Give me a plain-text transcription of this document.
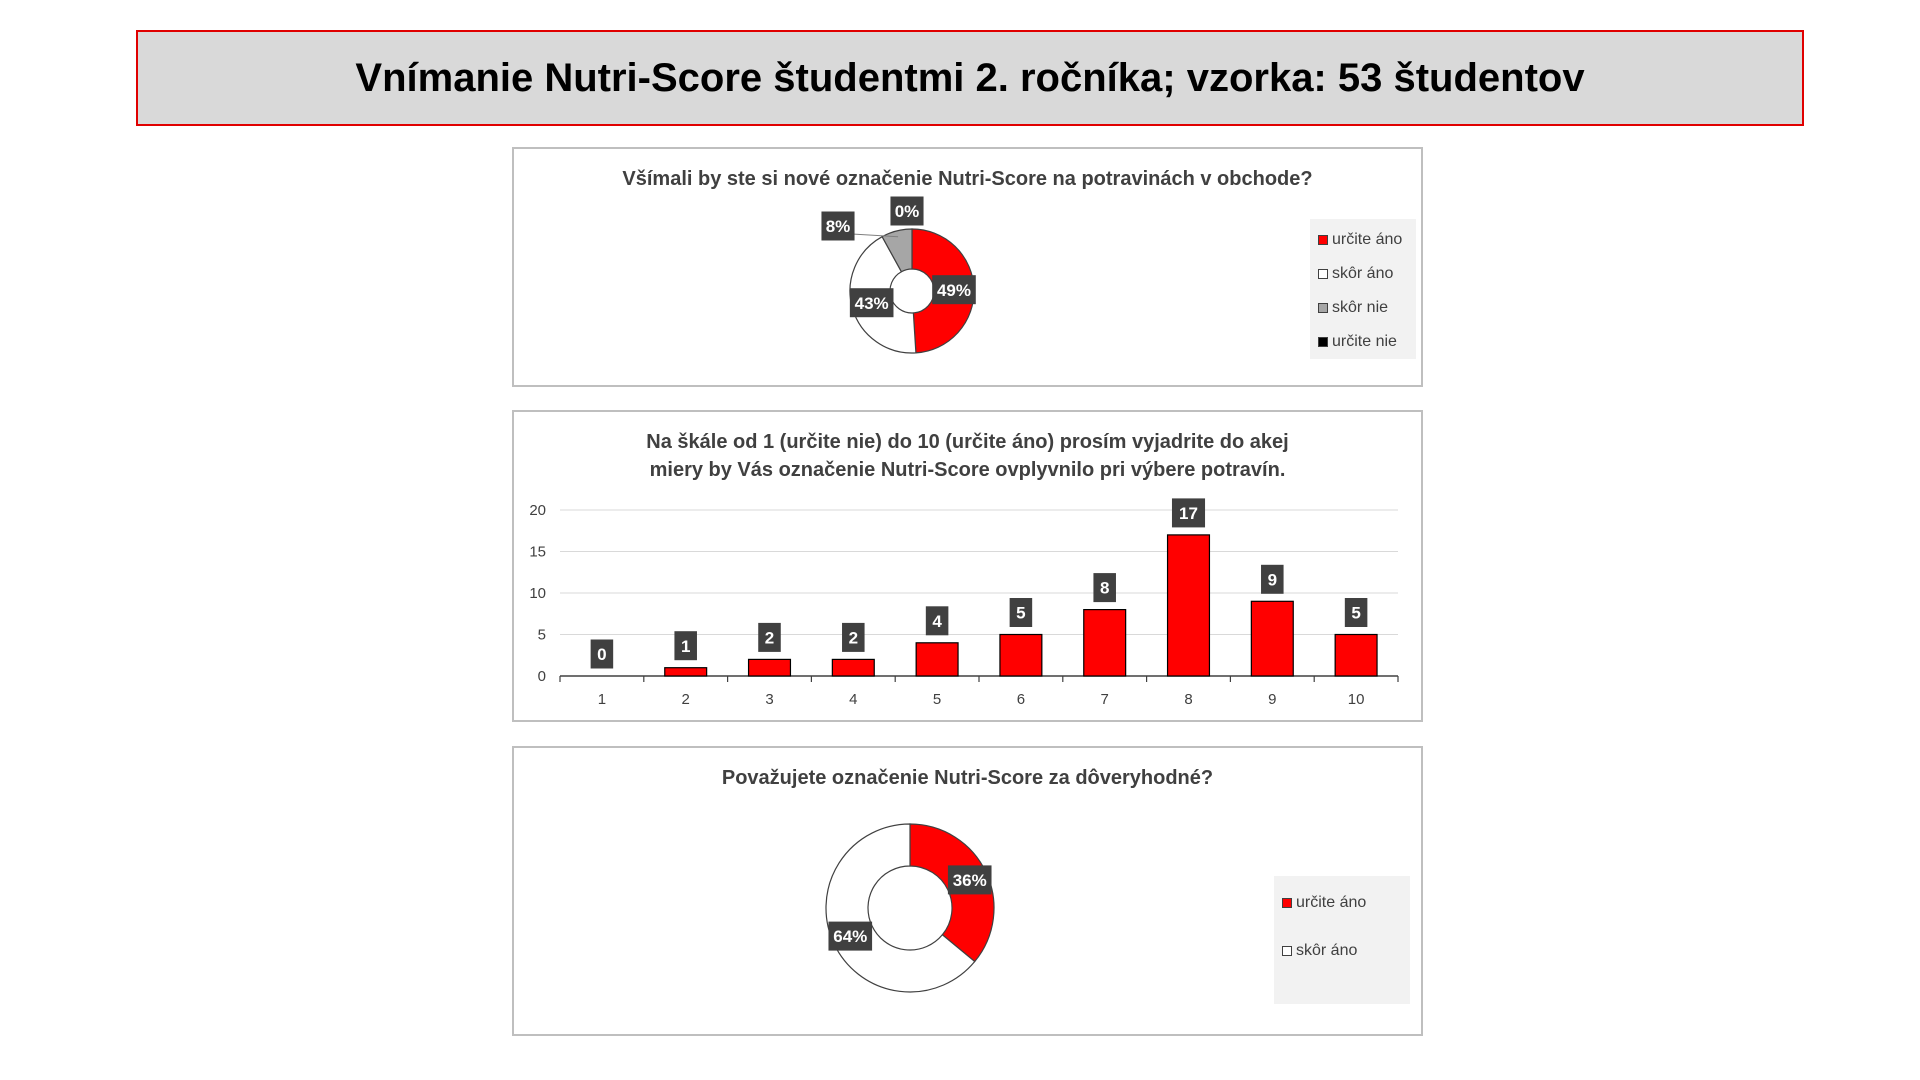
Vnímanie Nutri-Score študentmi 2. ročníka; vzorka: 53 študentov
Všímali by ste si nové označenie Nutri-Score na potravinách v obchode?
49%
43%
8%
0%
určite áno
skôr áno
skôr nie
určite nie
Na škále od 1 (určite nie) do 10 (určite áno) prosím vyjadrite do akej
miery by Vás označenie Nutri-Score ovplyvnilo pri výbere potravín.
0
5
10
15
20
1
0
2
1
3
2
4
2
5
4
6
5
7
8
8
17
9
9
10
5
Považujete označenie Nutri-Score za dôveryhodné?
36%
64%
určite áno
skôr áno
